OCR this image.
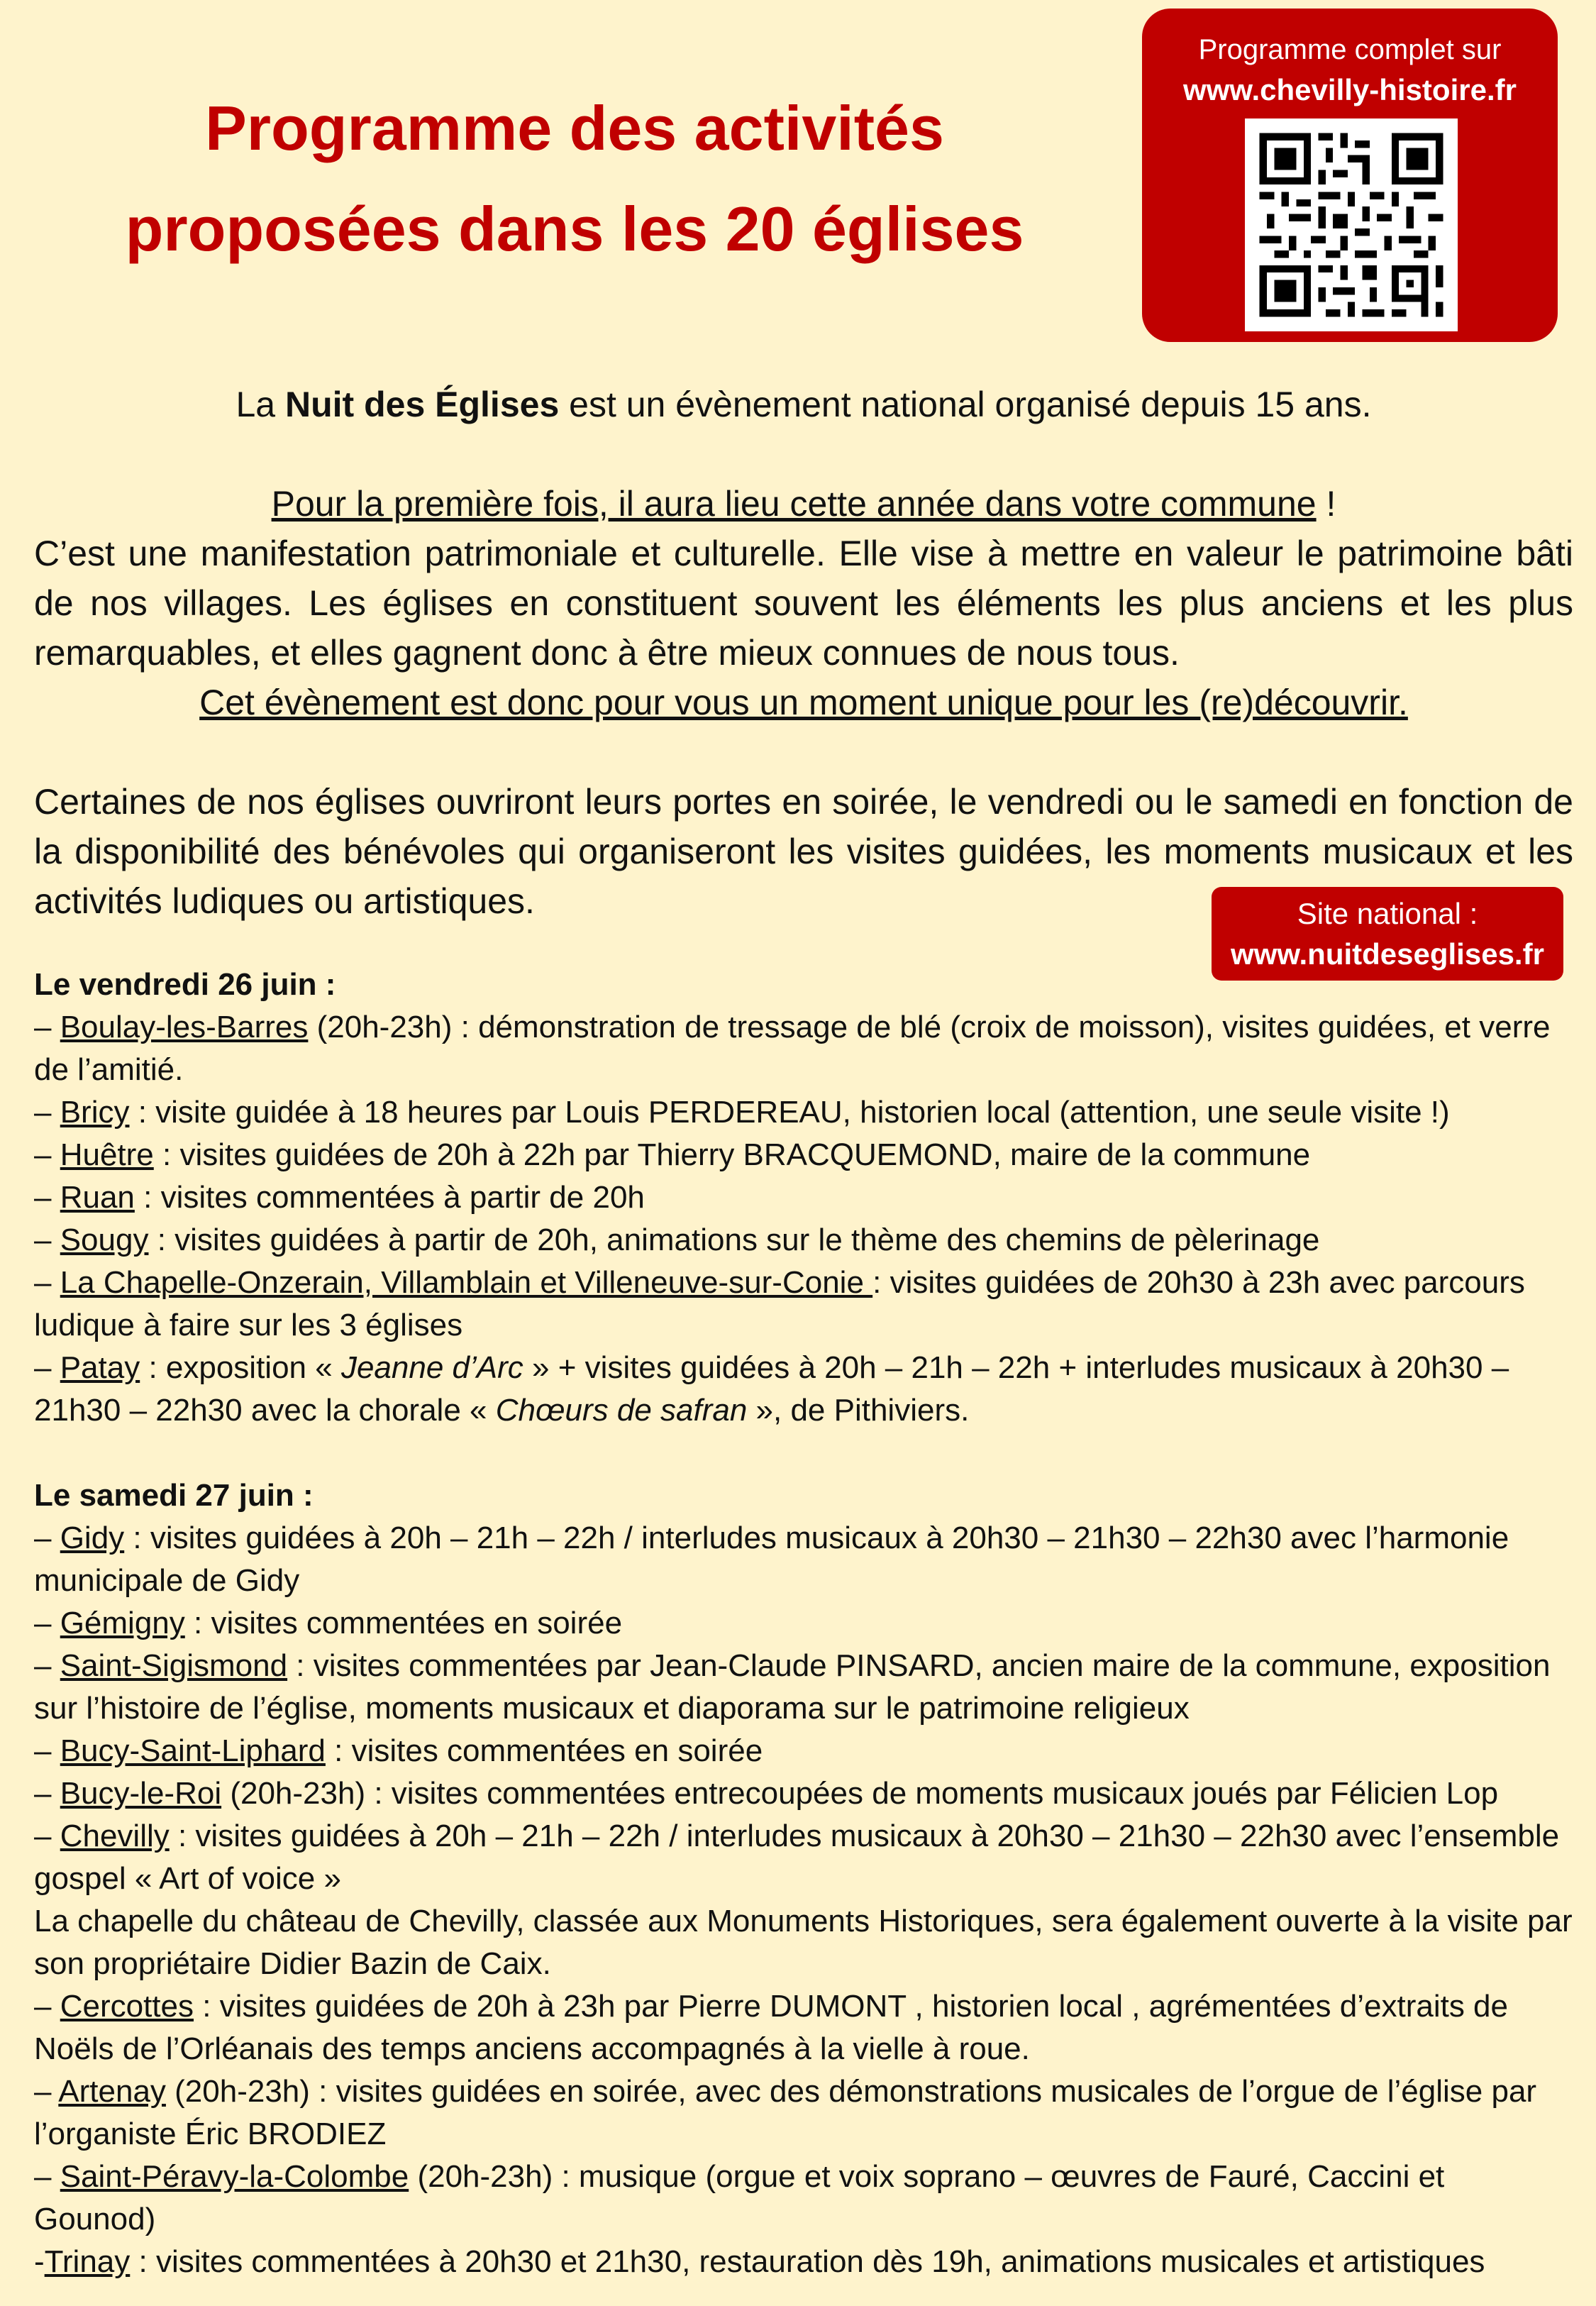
Programme des activités
proposées dans les 20 églises
Programme complet sur
www.chevilly-histoire.fr

La Nuit des Églises est un évènement national organisé depuis 15 ans.

Pour la première fois, il aura lieu cette année dans votre commune !

C’est une manifestation patrimoniale et culturelle. Elle vise à mettre en valeur le patrimoine bâti de nos villages. Les églises en constituent souvent les éléments les plus anciens et les plus remarquables, et elles gagnent donc à être mieux connues de nous tous.

Cet évènement est donc pour vous un moment unique pour les (re)découvrir.

Certaines de nos églises ouvriront leurs portes en soirée, le vendredi ou le samedi en fonction de la disponibilité des bénévoles qui organiseront les visites guidées, les moments musicaux et les activités ludiques ou artistiques.	Site national :
www.nuitdeseglises.fr

Le vendredi 26 juin :

– Boulay-les-Barres (20h-23h) : démonstration de tressage de blé (croix de moisson), visites guidées, et verre de l’amitié.

– Bricy : visite guidée à 18 heures par Louis PERDEREAU, historien local (attention, une seule visite !)

– Huêtre : visites guidées de 20h à 22h par Thierry BRACQUEMOND, maire de la commune

– Ruan : visites commentées à partir de 20h

– Sougy : visites guidées à partir de 20h, animations sur le thème des chemins de pèlerinage

– La Chapelle-Onzerain, Villamblain et Villeneuve-sur-Conie : visites guidées de 20h30 à 23h avec parcours ludique à faire sur les 3 églises

– Patay : exposition « Jeanne d’Arc » + visites guidées à 20h – 21h – 22h + interludes musicaux à 20h30 – 21h30 – 22h30 avec la chorale « Chœurs de safran », de Pithiviers.

Le samedi 27 juin :

– Gidy : visites guidées à 20h – 21h – 22h / interludes musicaux à 20h30 – 21h30 – 22h30 avec l’harmonie municipale de Gidy

– Gémigny : visites commentées en soirée

– Saint-Sigismond : visites commentées par Jean-Claude PINSARD, ancien maire de la commune, exposition sur l’histoire de l’église, moments musicaux et diaporama sur le patrimoine religieux

– Bucy-Saint-Liphard : visites commentées en soirée

– Bucy-le-Roi (20h-23h) : visites commentées entrecoupées de moments musicaux joués par Félicien Lop

– Chevilly : visites guidées à 20h – 21h – 22h / interludes musicaux à 20h30 – 21h30 – 22h30 avec l’ensemble gospel « Art of voice »

La chapelle du château de Chevilly, classée aux Monuments Historiques, sera également ouverte à la visite par son propriétaire Didier Bazin de Caix.

– Cercottes : visites guidées de 20h à 23h par Pierre DUMONT , historien local , agrémentées d’extraits de Noëls de l’Orléanais des temps anciens accompagnés à la vielle à roue.

– Artenay (20h-23h) : visites guidées en soirée, avec des démonstrations musicales de l’orgue de l’église par l’organiste Éric BRODIEZ

– Saint-Péravy-la-Colombe (20h-23h) : musique (orgue et voix soprano – œuvres de Fauré, Caccini et Gounod)

-Trinay : visites commentées à 20h30 et 21h30, restauration dès 19h, animations musicales et artistiques
